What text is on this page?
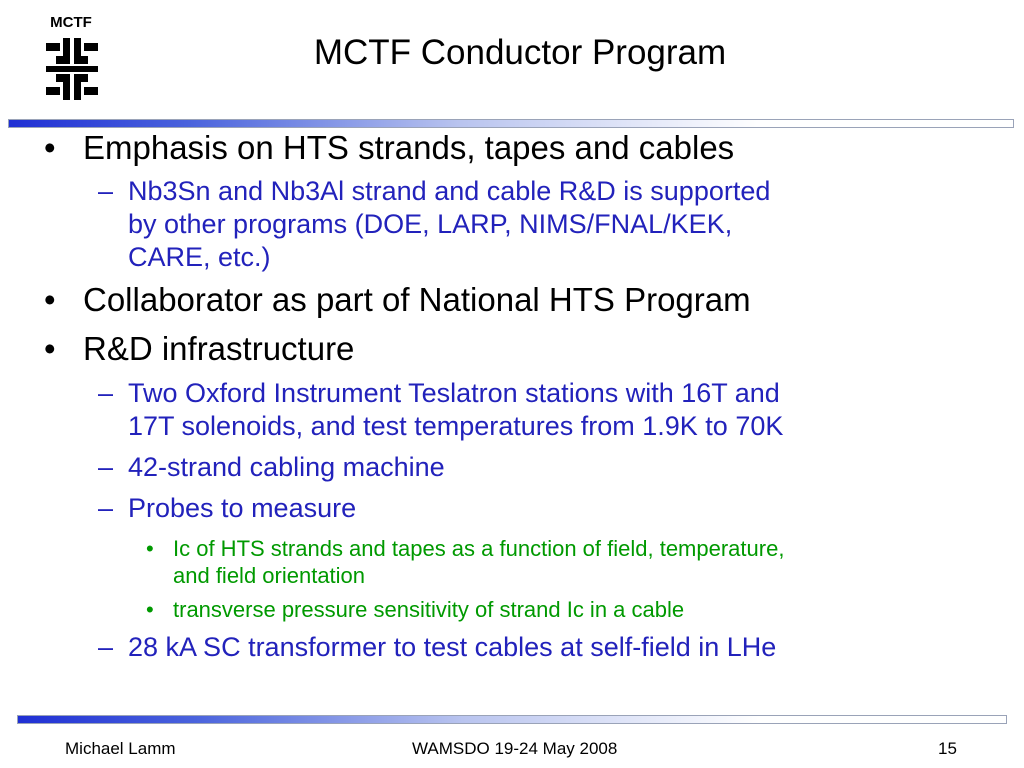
MCTF
MCTF Conductor Program
• Emphasis on HTS strands, tapes and cables
– Nb3Sn and Nb3Al strand and cable R&D is supported
by other programs (DOE, LARP, NIMS/FNAL/KEK,
CARE, etc.)
• Collaborator as part of National HTS Program
• R&D infrastructure
– Two Oxford Instrument Teslatron stations with 16T and
17T solenoids, and test temperatures from 1.9K to 70K
– 42-strand cabling machine
– Probes to measure
• Ic of HTS strands and tapes as a function of field, temperature,
and field orientation
• transverse pressure sensitivity of strand Ic in a cable
– 28 kA SC transformer to test cables at self-field in LHe
Michael Lamm	WAMSDO 19-24 May 2008	15
